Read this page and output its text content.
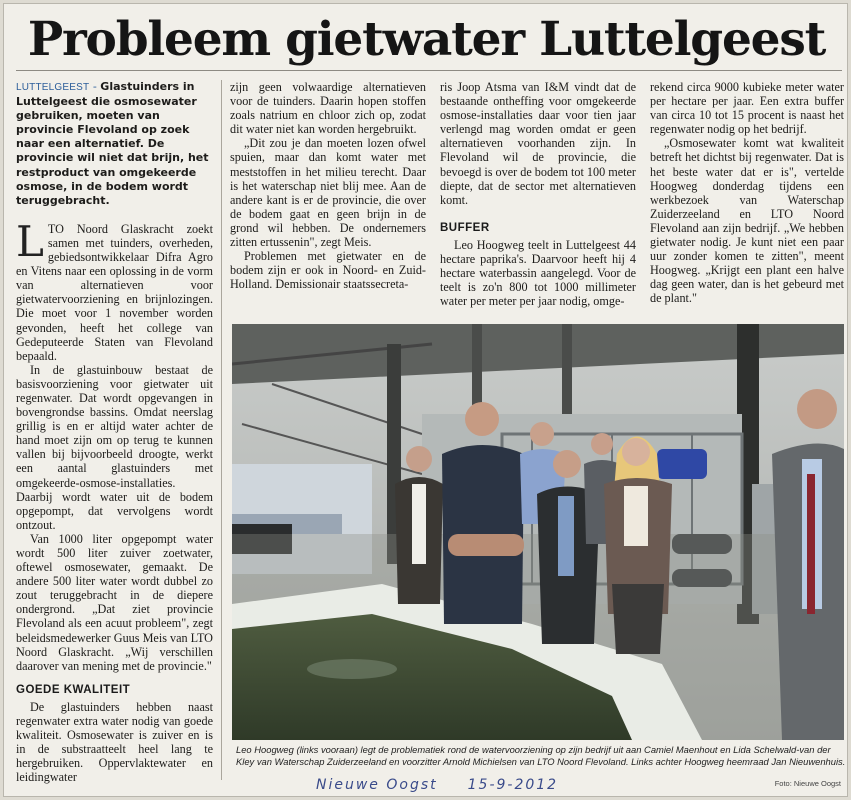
Probleem gietwater Luttelgeest
LUTTELGEEST - Glastuinders in Luttelgeest die osmosewater gebruiken, moeten van provincie Flevoland op zoek naar een alternatief. De provincie wil niet dat brijn, het restproduct van omgekeerde osmose, in de bodem wordt teruggebracht.

LTO Noord Glaskracht zoekt samen met tuinders, overheden, gebiedsontwikkelaar Difra Agro en Vitens naar een oplossing in de vorm van alternatieven voor gietwatervoorziening en brijnlozingen. Die moet voor 1 november worden gevonden, heeft het college van Gedeputeerde Staten van Flevoland bepaald.

In de glastuinbouw bestaat de basisvoorziening voor gietwater uit regenwater. Dat wordt opgevangen in bovengrondse bassins. Omdat neerslag grillig is en er altijd water achter de hand moet zijn om op terug te kunnen vallen bij bijvoorbeeld droogte, werkt een aantal glastuinders met omgekeerde-osmose-installaties. Daarbij wordt water uit de bodem opgepompt, dat vervolgens wordt ontzout.

Van 1000 liter opgepompt water wordt 500 liter zuiver zoetwater, oftewel osmosewater, gemaakt. De andere 500 liter water wordt dubbel zo zout teruggebracht in de diepere ondergrond. „Dat ziet provincie Flevoland als een acuut probleem", zegt beleidsmedewerker Guus Meis van LTO Noord Glaskracht. „Wij verschillen daarover van mening met de provincie."

GOEDE KWALITEIT

De glastuinders hebben naast regenwater extra water nodig van goede kwaliteit. Osmosewater is zuiver en is in de substraatteelt heel lang te hergebruiken. Oppervlaktewater en leidingwater

zijn geen volwaardige alternatieven voor de tuinders. Daarin hopen stoffen zoals natrium en chloor zich op, zodat dit water niet kan worden hergebruikt.

„Dit zou je dan moeten lozen ofwel spuien, maar dan komt water met meststoffen in het milieu terecht. Daar is het waterschap niet blij mee. Aan de andere kant is er de provincie, die over de bodem gaat en geen brijn in de grond wil hebben. De ondernemers zitten ertussenin", zegt Meis.

Problemen met gietwater en de bodem zijn er ook in Noord- en Zuid-Holland. Demissionair staatssecreta-

ris Joop Atsma van I&M vindt dat de bestaande ontheffing voor omgekeerde osmose-installaties daar voor tien jaar verlengd mag worden omdat er geen alternatieven voorhanden zijn. In Flevoland wil de provincie, die bevoegd is over de bodem tot 100 meter diepte, dat de sector met alternatieven komt.

BUFFER

Leo Hoogweg teelt in Luttelgeest 44 hectare paprika's. Daarvoor heeft hij 4 hectare waterbassin aangelegd. Voor de teelt is zo'n 800 tot 1000 millimeter water per meter per jaar nodig, omge-

rekend circa 9000 kubieke meter water per hectare per jaar. Een extra buffer van circa 10 tot 15 procent is naast het regenwater nodig op het bedrijf.

„Osmosewater komt wat kwaliteit betreft het dichtst bij regenwater. Dat is het beste water dat er is", vertelde Hoogweg donderdag tijdens een werkbezoek van Waterschap Zuiderzeeland en LTO Noord Flevoland aan zijn bedrijf. „We hebben gietwater nodig. Je kunt niet een paar uur zonder komen te zitten", meent Hoogweg. „Krijgt een plant een halve dag geen water, dan is het gebeurd met de plant."

Leo Hoogweg (links vooraan) legt de problematiek rond de watervoorziening op zijn bedrijf uit aan Camiel Maenhout en Lida Schelwald-van der Kley van Waterschap Zuiderzeeland en voorzitter Arnold Michielsen van LTO Noord Flevoland. Links achter Hoogweg heemraad Jan Nieuwenhuis.
Foto: Nieuwe Oogst
Nieuwe Oogst 15-9-2012
